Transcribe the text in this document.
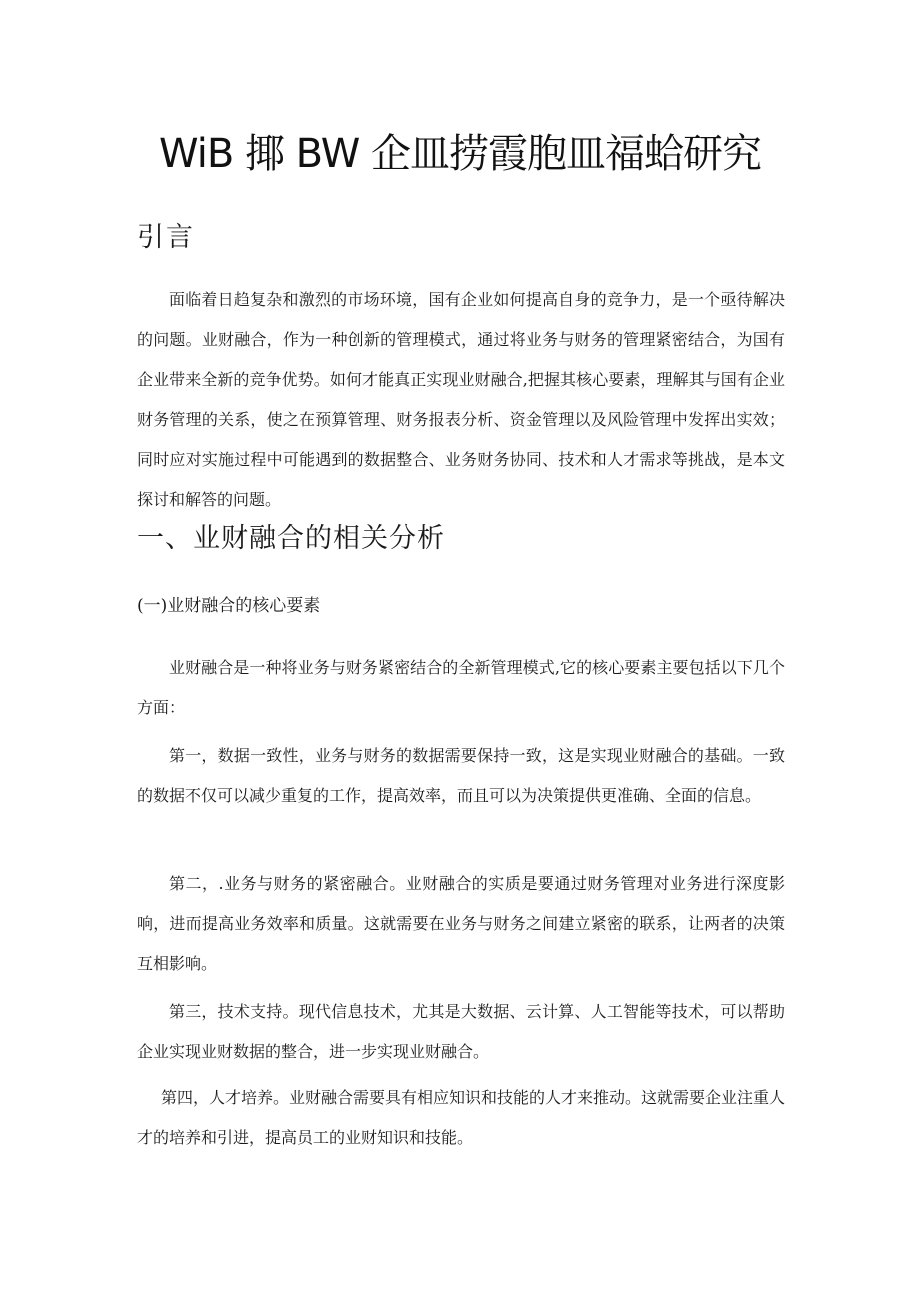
WiB 揶 BW 企皿捞霞胞皿福蛤研究
引言

面临着日趋复杂和激烈的市场环境，国有企业如何提高自身的竞争力，是一个亟待解决的问题。业财融合，作为一种创新的管理模式，通过将业务与财务的管理紧密结合，为国有企业带来全新的竞争优势。如何才能真正实现业财融合,把握其核心要素，理解其与国有企业财务管理的关系，使之在预算管理、财务报表分析、资金管理以及风险管理中发挥出实效；同时应对实施过程中可能遇到的数据整合、业务财务协同、技术和人才需求等挑战，是本文探讨和解答的问题。

一、业财融合的相关分析
(一)业财融合的核心要素

业财融合是一种将业务与财务紧密结合的全新管理模式,它的核心要素主要包括以下几个方面：

第一，数据一致性，业务与财务的数据需要保持一致，这是实现业财融合的基础。一致的数据不仅可以减少重复的工作，提高效率，而且可以为决策提供更准确、全面的信息。

第二，.业务与财务的紧密融合。业财融合的实质是要通过财务管理对业务进行深度影响，进而提高业务效率和质量。这就需要在业务与财务之间建立紧密的联系，让两者的决策互相影响。

第三，技术支持。现代信息技术，尤其是大数据、云计算、人工智能等技术，可以帮助企业实现业财数据的整合，进一步实现业财融合。

第四，人才培养。业财融合需要具有相应知识和技能的人才来推动。这就需要企业注重人才的培养和引进，提高员工的业财知识和技能。
